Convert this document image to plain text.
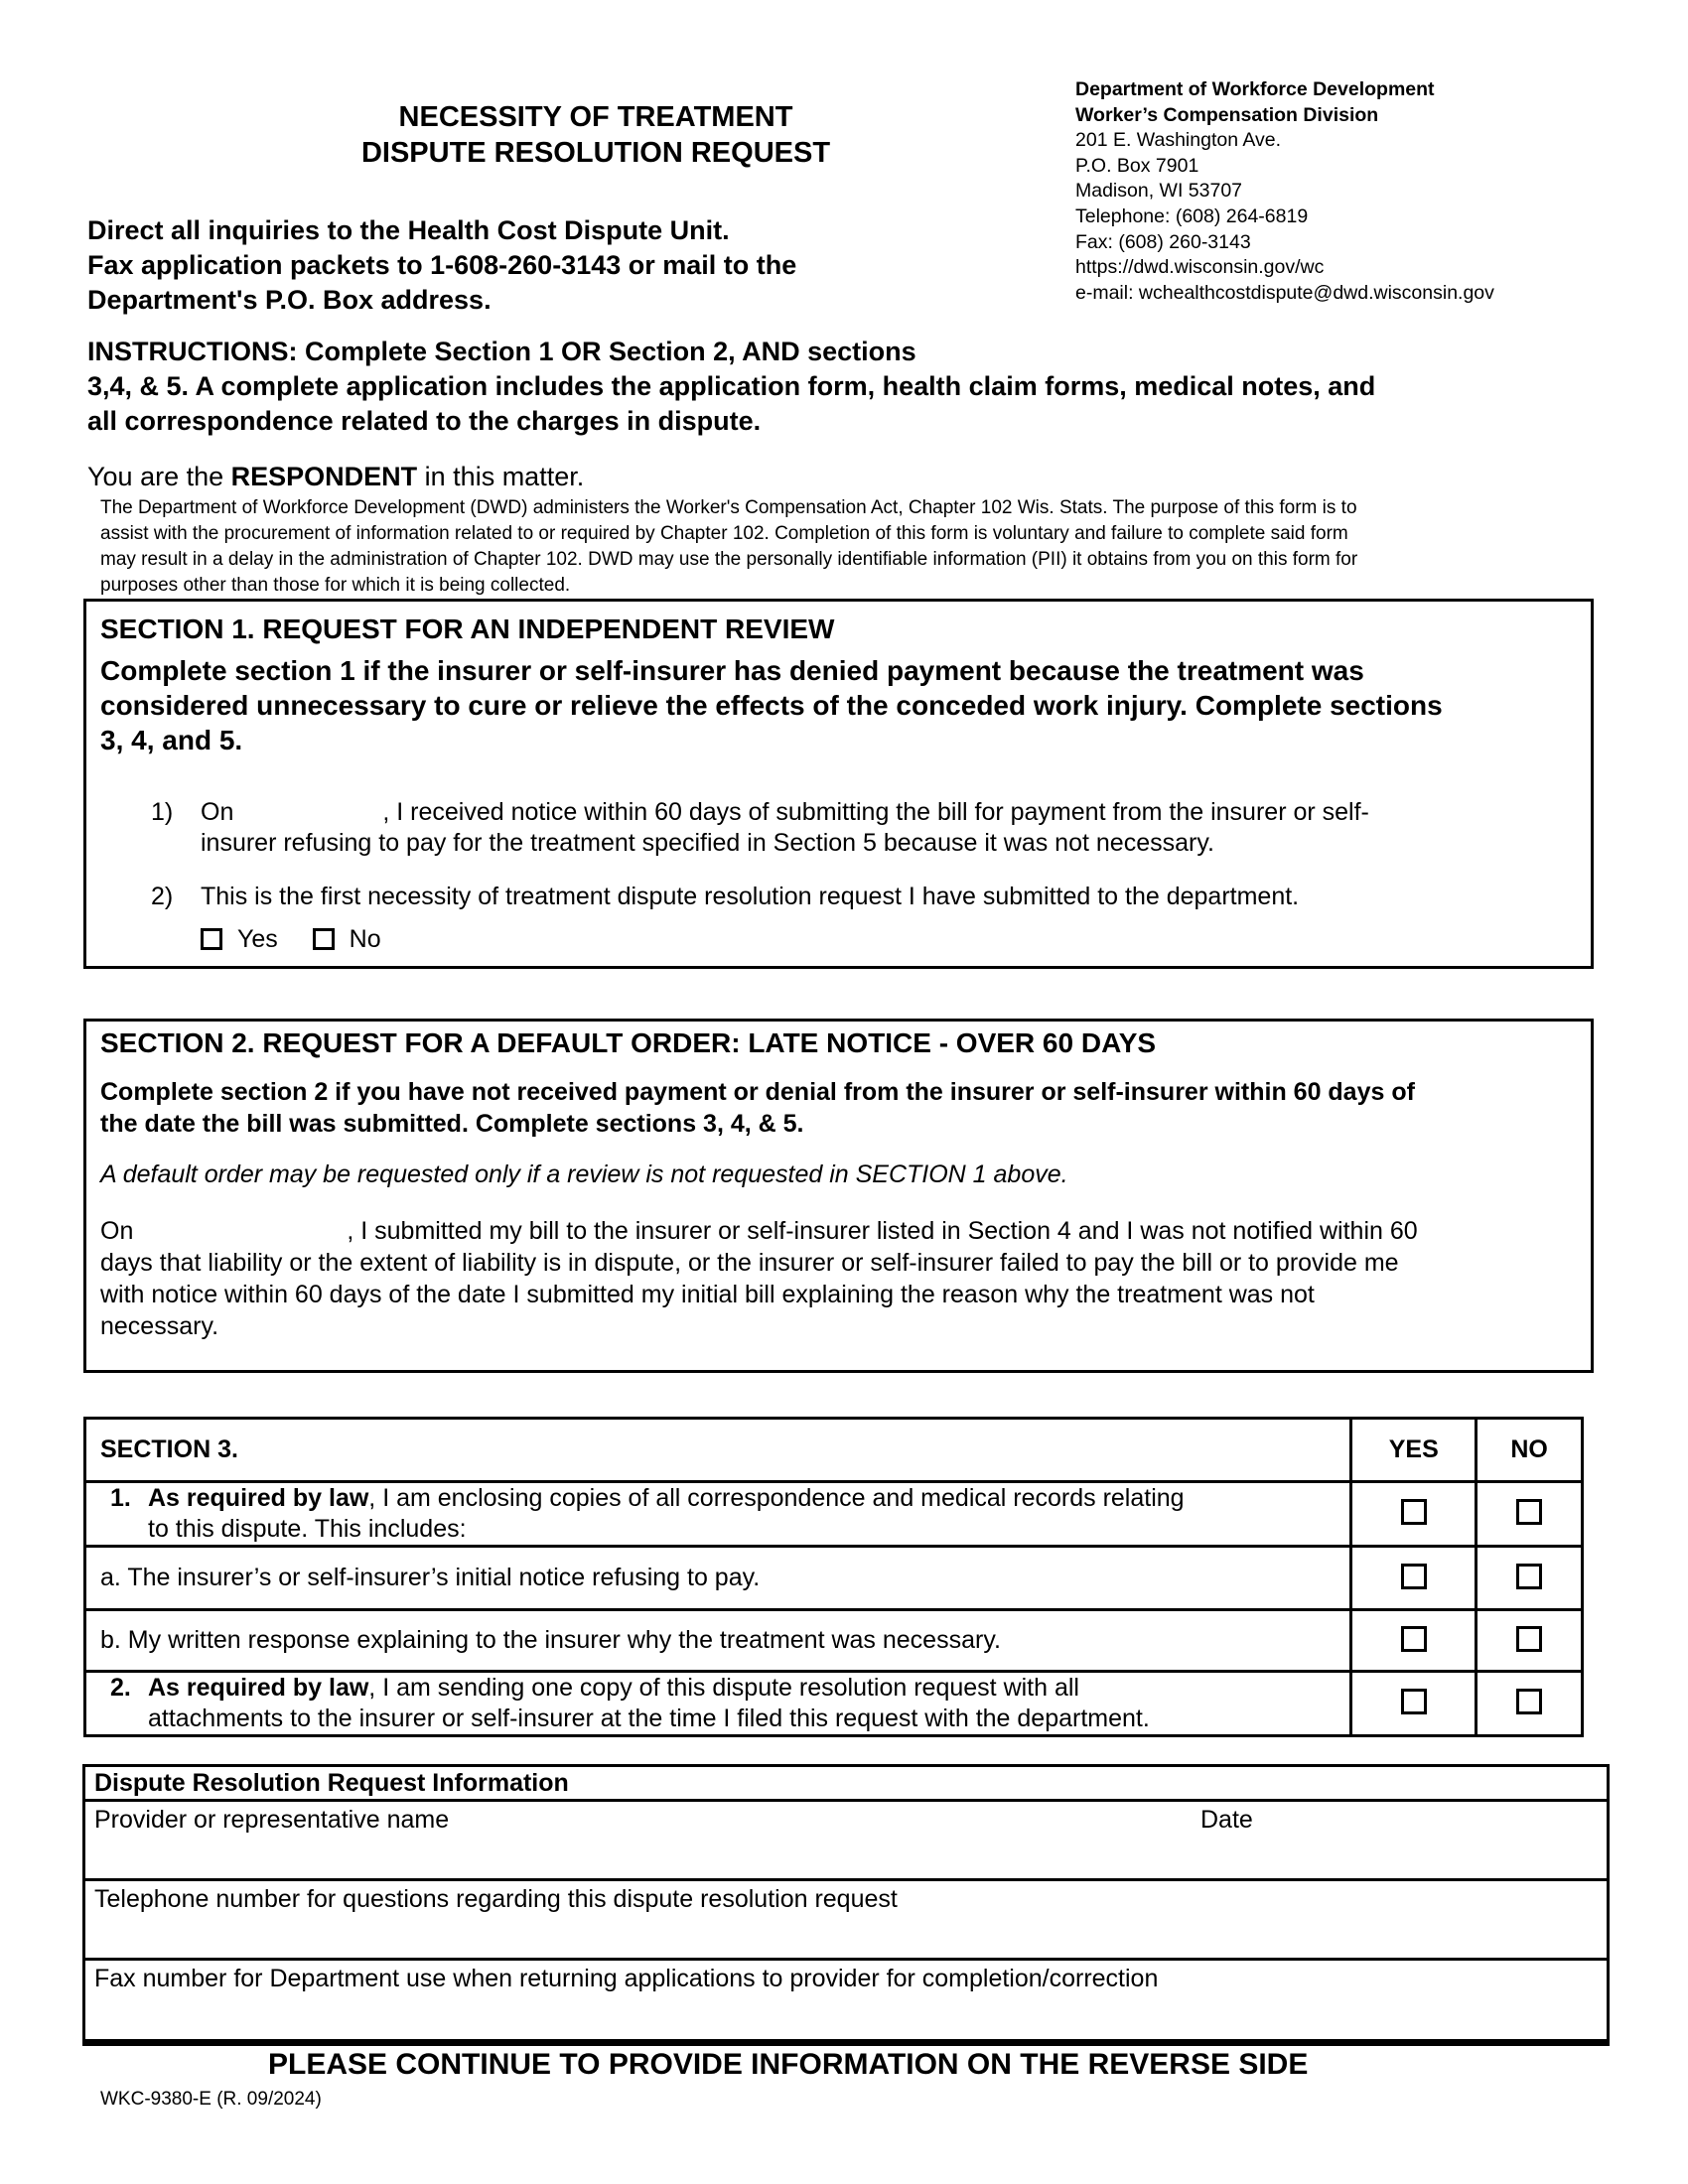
NECESSITY OF TREATMENT
DISPUTE RESOLUTION REQUEST
Department of Workforce Development
Worker’s Compensation Division
201 E. Washington Ave.
P.O. Box 7901
Madison, WI 53707
Telephone: (608) 264-6819
Fax: (608) 260-3143
https://dwd.wisconsin.gov/wc
e-mail: wchealthcostdispute@dwd.wisconsin.gov
Direct all inquiries to the Health Cost Dispute Unit.
Fax application packets to 1-608-260-3143 or mail to the
Department's P.O. Box address.
INSTRUCTIONS: Complete Section 1 OR Section 2, AND sections
3,4, & 5. A complete application includes the application form, health claim forms, medical notes, and
all correspondence related to the charges in dispute.
You are the RESPONDENT in this matter.
The Department of Workforce Development (DWD) administers the Worker's Compensation Act, Chapter 102 Wis. Stats. The purpose of this form is to
assist with the procurement of information related to or required by Chapter 102. Completion of this form is voluntary and failure to complete said form
may result in a delay in the administration of Chapter 102. DWD may use the personally identifiable information (PII) it obtains from you on this form for
purposes other than those for which it is being collected.
SECTION 1. REQUEST FOR AN INDEPENDENT REVIEW
Complete section 1 if the insurer or self-insurer has denied payment because the treatment was
considered unnecessary to cure or relieve the effects of the conceded work injury. Complete sections
3, 4, and 5.
1) On	, I received notice within 60 days of submitting the bill for payment from the insurer or self-
insurer refusing to pay for the treatment specified in Section 5 because it was not necessary.
2) This is the first necessity of treatment dispute resolution request I have submitted to the department.
Yes	No
SECTION 2. REQUEST FOR A DEFAULT ORDER: LATE NOTICE - OVER 60 DAYS
Complete section 2 if you have not received payment or denial from the insurer or self-insurer within 60 days of
the date the bill was submitted. Complete sections 3, 4, & 5.
A default order may be requested only if a review is not requested in SECTION 1 above.
On	, I submitted my bill to the insurer or self-insurer listed in Section 4 and I was not notified within 60
days that liability or the extent of liability is in dispute, or the insurer or self-insurer failed to pay the bill or to provide me
with notice within 60 days of the date I submitted my initial bill explaining the reason why the treatment was not
necessary.
SECTION 3.	YES	NO

1. As required by law, I am enclosing copies of all correspondence and medical records relating
to this dispute. This includes:		

a. The insurer’s or self-insurer’s initial notice refusing to pay.		
b. My written response explaining to the insurer why the treatment was necessary.		

2. As required by law, I am sending one copy of this dispute resolution request with all
attachments to the insurer or self-insurer at the time I filed this request with the department.		

Dispute Resolution Request Information
Provider or representative name	Date
Telephone number for questions regarding this dispute resolution request
Fax number for Department use when returning applications to provider for completion/correction
PLEASE CONTINUE TO PROVIDE INFORMATION ON THE REVERSE SIDE
WKC-9380-E (R. 09/2024)
